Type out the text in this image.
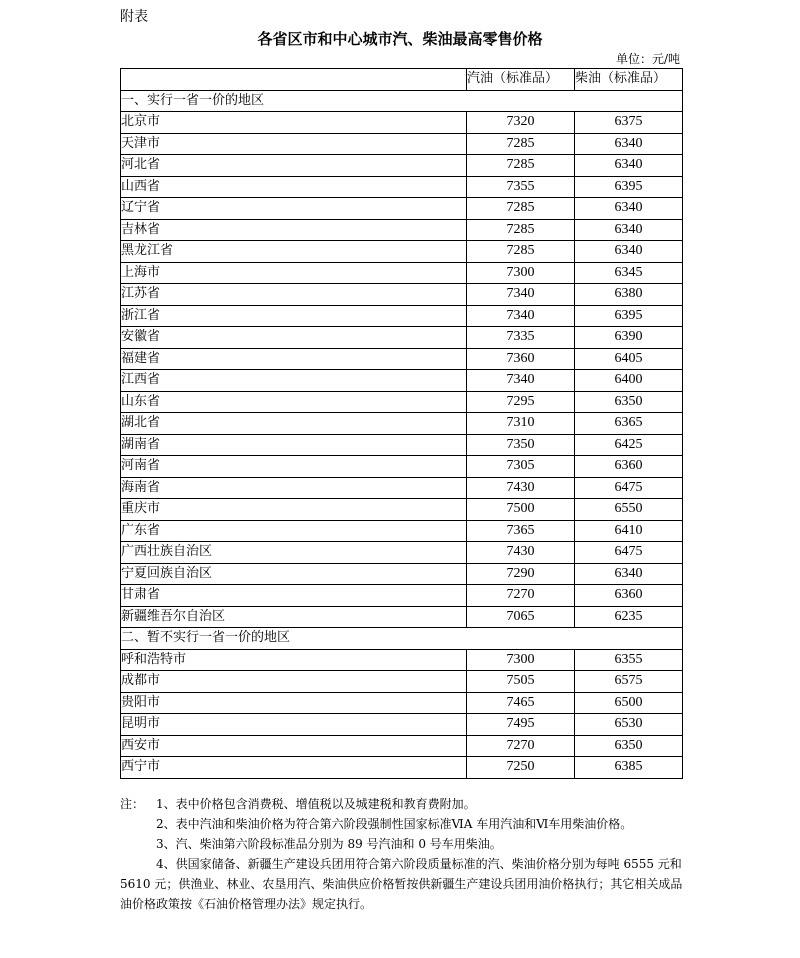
附表
各省区市和中心城市汽、柴油最高零售价格
单位：元/吨
	汽油（标准品）	柴油（标准品）
一、实行一省一价的地区		
北京市	7320	6375
天津市	7285	6340
河北省	7285	6340
山西省	7355	6395
辽宁省	7285	6340
吉林省	7285	6340
黑龙江省	7285	6340
上海市	7300	6345
江苏省	7340	6380
浙江省	7340	6395
安徽省	7335	6390
福建省	7360	6405
江西省	7340	6400
山东省	7295	6350
湖北省	7310	6365
湖南省	7350	6425
河南省	7305	6360
海南省	7430	6475
重庆市	7500	6550
广东省	7365	6410
广西壮族自治区	7430	6475
宁夏回族自治区	7290	6340
甘肃省	7270	6360
新疆维吾尔自治区	7065	6235
二、暂不实行一省一价的地区		
呼和浩特市	7300	6355
成都市	7505	6575
贵阳市	7465	6500
昆明市	7495	6530
西安市	7270	6350
西宁市	7250	6385

注： 1、表中价格包含消费税、增值税以及城建税和教育费附加。

2、表中汽油和柴油价格为符合第六阶段强制性国家标准ⅥA 车用汽油和Ⅵ车用柴油价格。

3、汽、柴油第六阶段标准品分别为 89 号汽油和 0 号车用柴油。

4、供国家储备、新疆生产建设兵团用符合第六阶段质量标准的汽、柴油价格分别为每吨 6555 元和 5610 元；供渔业、林业、农垦用汽、柴油供应价格暂按供新疆生产建设兵团用油价格执行；其它相关成品油价格政策按《石油价格管理办法》规定执行。
